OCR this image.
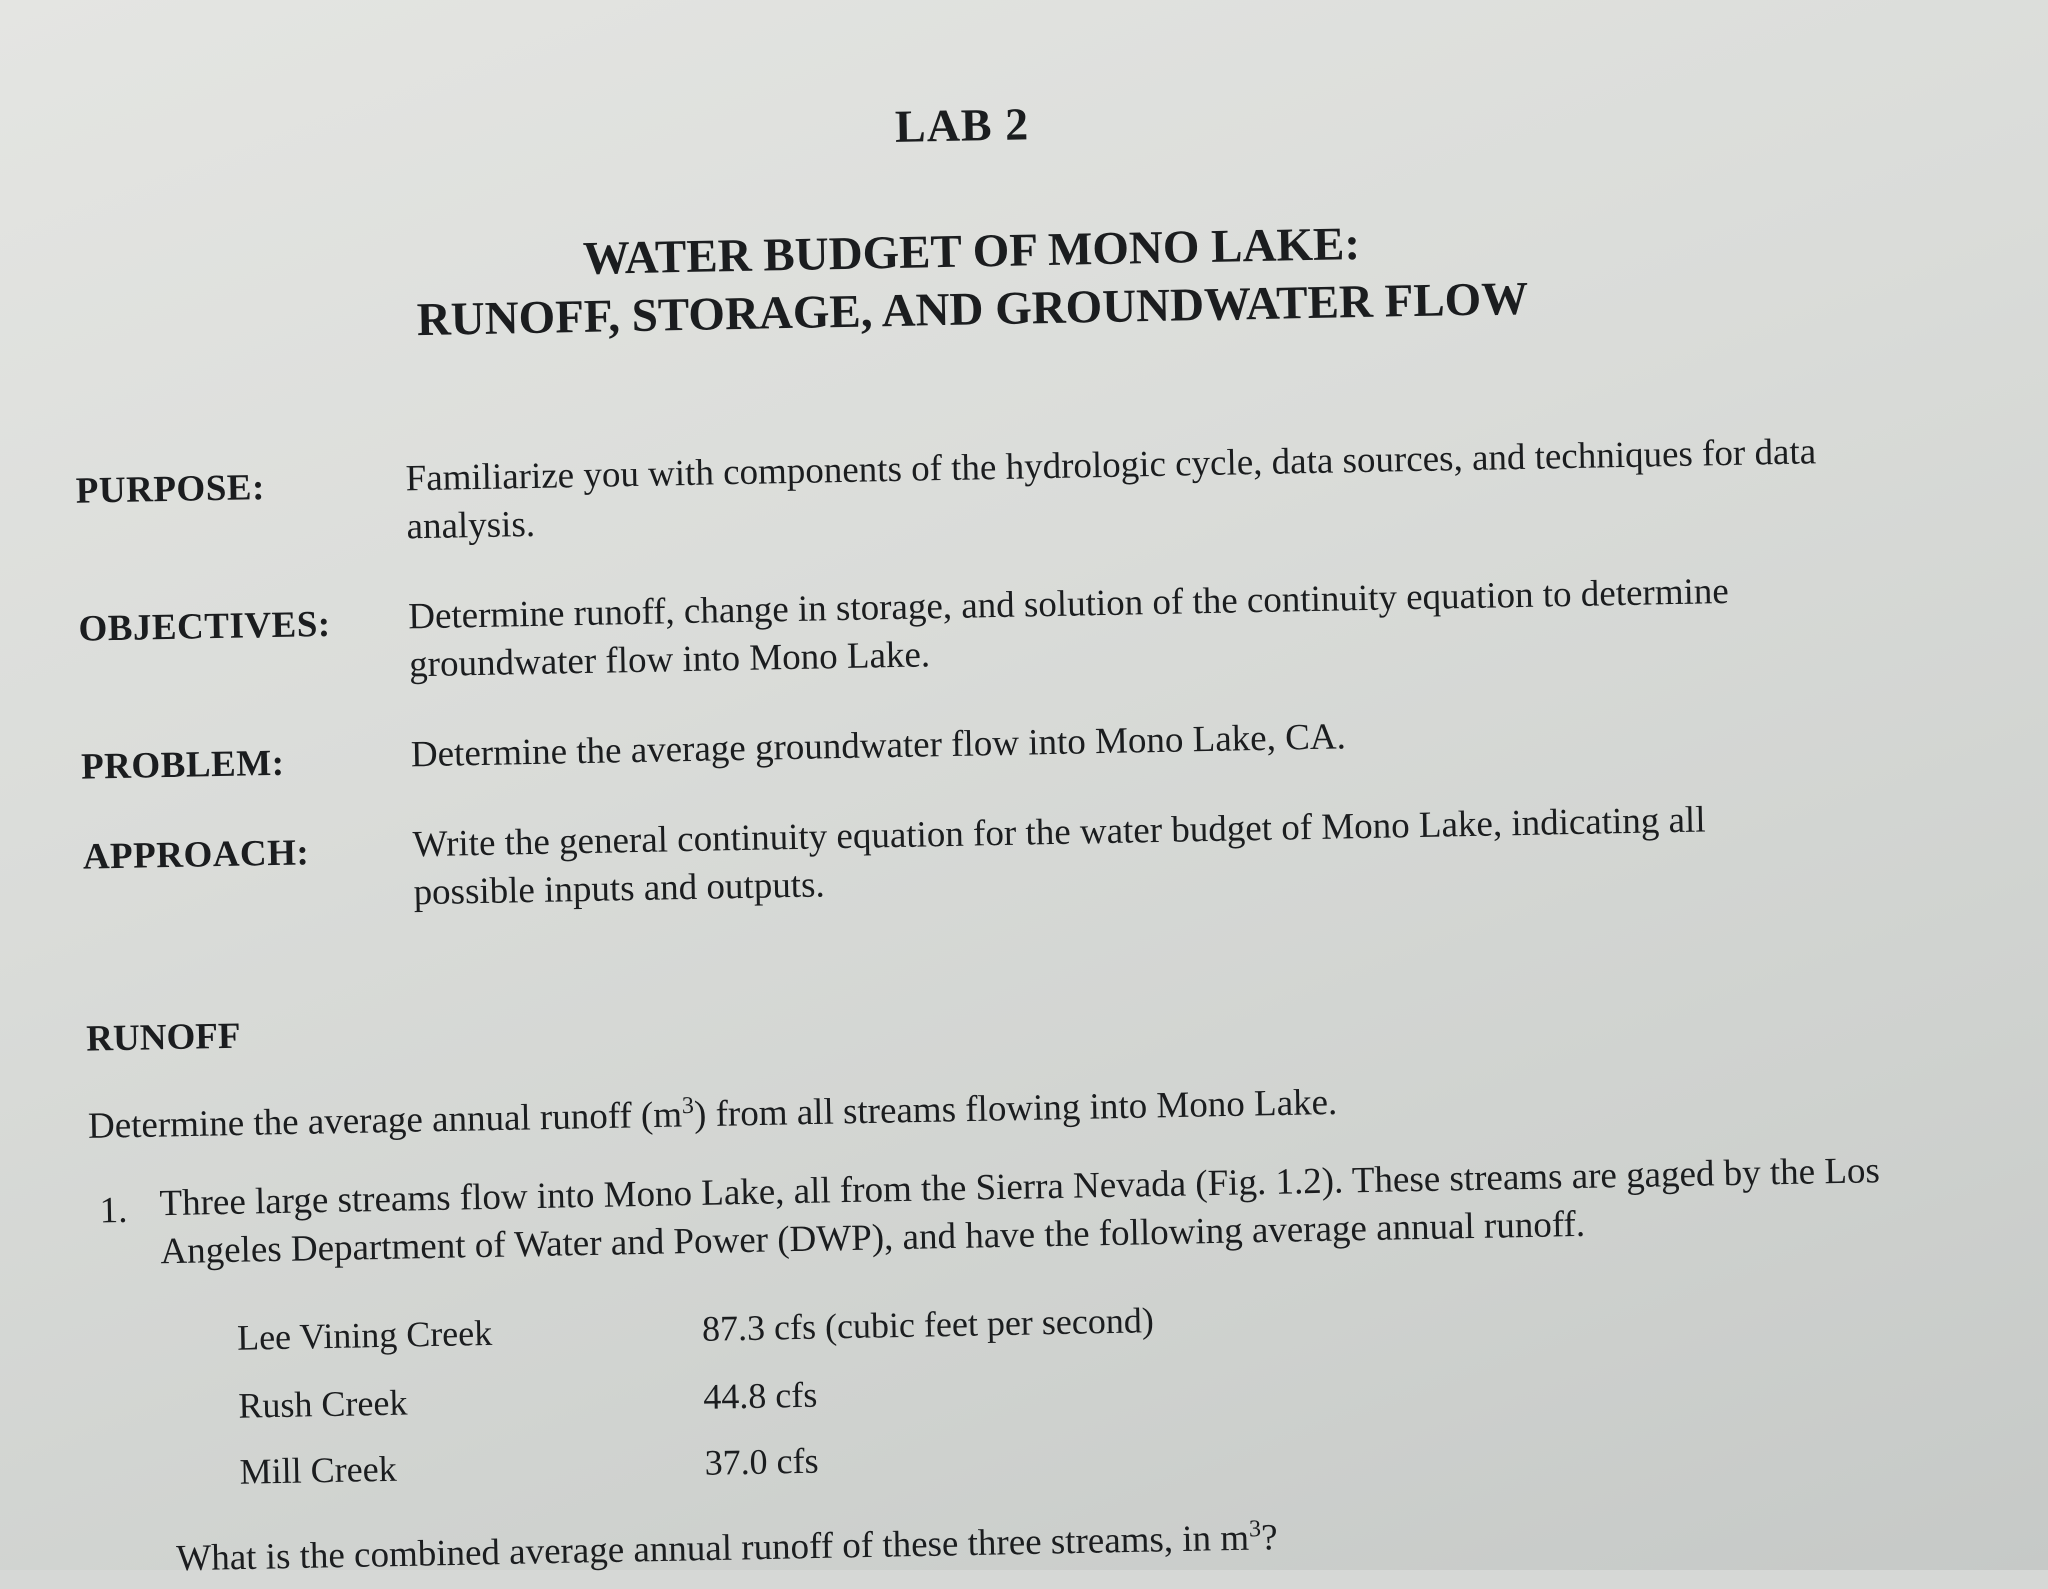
LAB 2
WATER BUDGET OF MONO LAKE:
RUNOFF, STORAGE, AND GROUNDWATER FLOW
PURPOSE:	Familiarize you with components of the hydrologic cycle, data sources, and techniques for data analysis.
OBJECTIVES: Determine runoff, change in storage, and solution of the continuity equation to determine groundwater flow into Mono Lake.
PROBLEM:	Determine the average groundwater flow into Mono Lake, CA.
APPROACH:	Write the general continuity equation for the water budget of Mono Lake, indicating all possible inputs and outputs.
RUNOFF
Determine the average annual runoff $(m^3)$ from all streams flowing into Mono Lake.
1. Three large streams flow into Mono Lake, all from the Sierra Nevada (Fig. 1.2). These streams are gaged by the Los Angeles Department of Water and Power (DWP), and have the following average annual runoff.
Lee Vining Creek	87.3 cfs (cubic feet per second)
Rush Creek	44.8 cfs
Mill Creek	37.0 cfs
What is the combined average annual runoff of these three streams, in $m^3$?
